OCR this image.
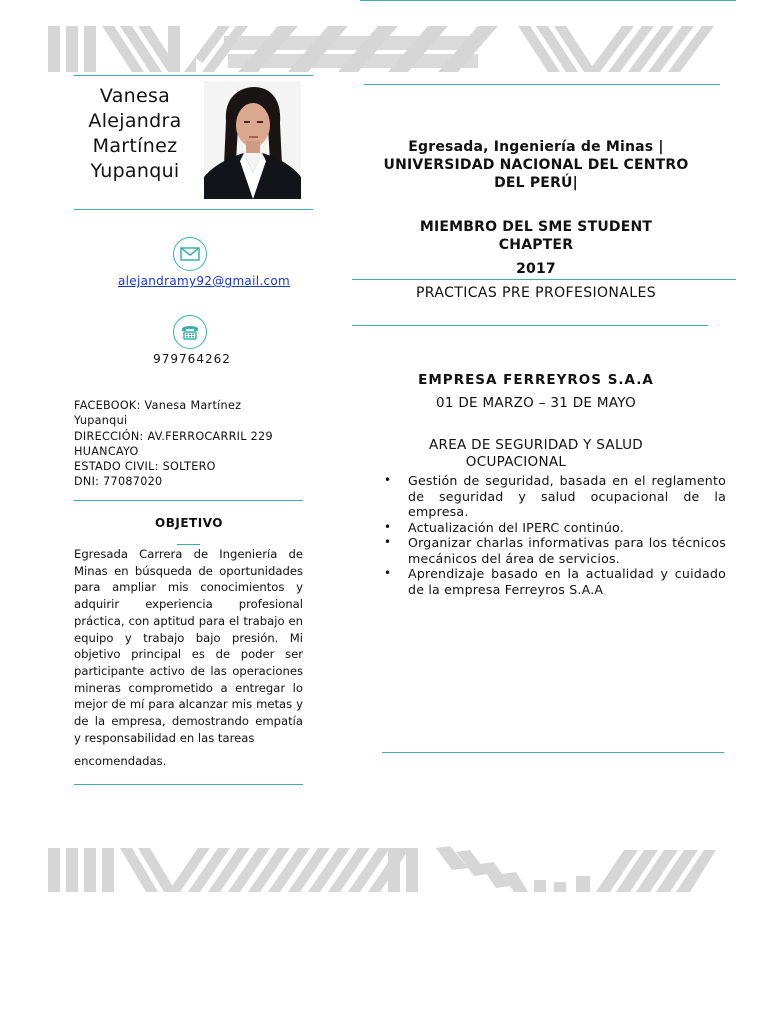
Vanesa
Alejandra
Martínez
Yupanqui
alejandramy92@gmail.com
979764262
FACEBOOK: Vanesa Martínez
Yupanqui
DIRECCIÓN: AV.FERROCARRIL 229
HUANCAYO
ESTADO CIVIL: SOLTERO
DNI: 77087020
OBJETIVO
Egresada Carrera de Ingeniería de Minas en búsqueda de oportunidades para ampliar mis conocimientos y adquirir experiencia profesional práctica, con aptitud para el trabajo en equipo y trabajo bajo presión. Mi objetivo principal es de poder ser participante activo de las operaciones mineras comprometido a entregar lo mejor de mí para alcanzar mis metas y de la empresa, demostrando empatía y responsabilidad en las tareas
encomendadas.
Egresada, Ingeniería de Minas |
UNIVERSIDAD NACIONAL DEL CENTRO
DEL PERÚ|
MIEMBRO DEL SME STUDENT
CHAPTER
2017
PRACTICAS PRE PROFESIONALES
EMPRESA FERREYROS S.A.A
01 DE MARZO – 31 DE MAYO
AREA DE SEGURIDAD Y SALUD
OCUPACIONAL
• Gestión de seguridad, basada en el reglamento de seguridad y salud ocupacional de la empresa.
• Actualización del IPERC continúo.
• Organizar charlas informativas para los técnicos mecánicos del área de servicios.
• Aprendizaje basado en la actualidad y cuidado de la empresa Ferreyros S.A.A
